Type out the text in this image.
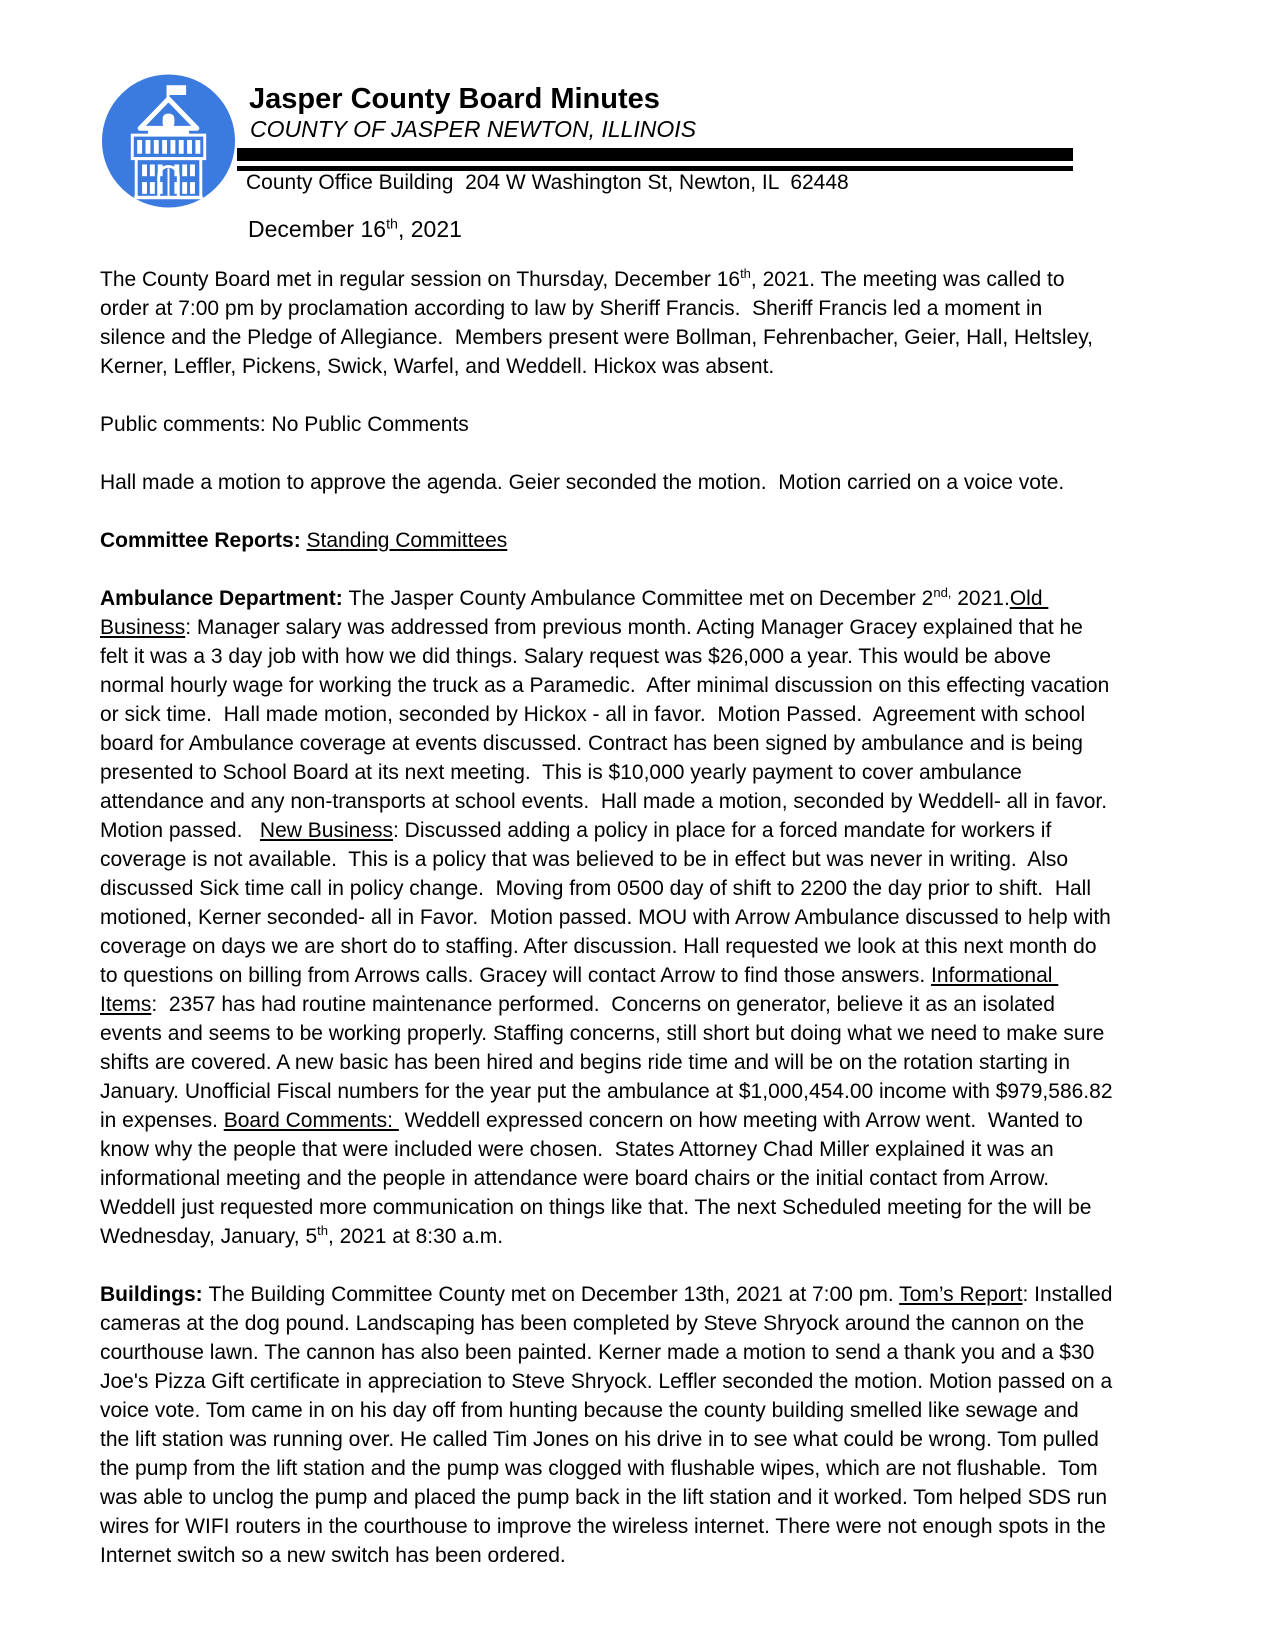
Jasper County Board Minutes
COUNTY OF JASPER NEWTON, ILLINOIS
County Office Building  204 W Washington St, Newton, IL  62448
December 16th, 2021

The County Board met in regular session on Thursday, December 16th, 2021. The meeting was called to order at 7:00 pm by proclamation according to law by Sheriff Francis.  Sheriff Francis led a moment in silence and the Pledge of Allegiance.  Members present were Bollman, Fehrenbacher, Geier, Hall, Heltsley, Kerner, Leffler, Pickens, Swick, Warfel, and Weddell. Hickox was absent.

Public comments: No Public Comments

Hall made a motion to approve the agenda. Geier seconded the motion.  Motion carried on a voice vote.

Committee Reports: Standing Committees

Ambulance Department: The Jasper County Ambulance Committee met on December $2^{nd,}$ 2021.Old Business: Manager salary was addressed from previous month. Acting Manager Gracey explained that he felt it was a 3 day job with how we did things. Salary request was $26,000 a year. This would be above normal hourly wage for working the truck as a Paramedic.  After minimal discussion on this effecting vacation or sick time.  Hall made motion, seconded by Hickox - all in favor.  Motion Passed.  Agreement with school board for Ambulance coverage at events discussed. Contract has been signed by ambulance and is being presented to School Board at its next meeting.  This is $10,000 yearly payment to cover ambulance attendance and any non-transports at school events.  Hall made a motion, seconded by Weddell- all in favor.  Motion passed.   New Business: Discussed adding a policy in place for a forced mandate for workers if coverage is not available.  This is a policy that was believed to be in effect but was never in writing.  Also discussed Sick time call in policy change.  Moving from 0500 day of shift to 2200 the day prior to shift.  Hall motioned, Kerner seconded- all in Favor.  Motion passed. MOU with Arrow Ambulance discussed to help with coverage on days we are short do to staffing. After discussion. Hall requested we look at this next month do to questions on billing from Arrows calls. Gracey will contact Arrow to find those answers. Informational Items:  2357 has had routine maintenance performed.  Concerns on generator, believe it as an isolated events and seems to be working properly. Staffing concerns, still short but doing what we need to make sure shifts are covered. A new basic has been hired and begins ride time and will be on the rotation starting in January. Unofficial Fiscal numbers for the year put the ambulance at $1,000,454.00 income with $979,586.82 in expenses. Board Comments:  Weddell expressed concern on how meeting with Arrow went.  Wanted to know why the people that were included were chosen.  States Attorney Chad Miller explained it was an informational meeting and the people in attendance were board chairs or the initial contact from Arrow.  Weddell just requested more communication on things like that. The next Scheduled meeting for the will be Wednesday, January, 5th, 2021 at 8:30 a.m.

Buildings: The Building Committee County met on December 13th, 2021 at 7:00 pm. Tom’s Report: Installed cameras at the dog pound. Landscaping has been completed by Steve Shryock around the cannon on the courthouse lawn. The cannon has also been painted. Kerner made a motion to send a thank you and a $30 Joe's Pizza Gift certificate in appreciation to Steve Shryock. Leffler seconded the motion. Motion passed on a voice vote. Tom came in on his day off from hunting because the county building smelled like sewage and the lift station was running over. He called Tim Jones on his drive in to see what could be wrong. Tom pulled the pump from the lift station and the pump was clogged with flushable wipes, which are not flushable.  Tom was able to unclog the pump and placed the pump back in the lift station and it worked. Tom helped SDS run wires for WIFI routers in the courthouse to improve the wireless internet. There were not enough spots in the Internet switch so a new switch has been ordered.
